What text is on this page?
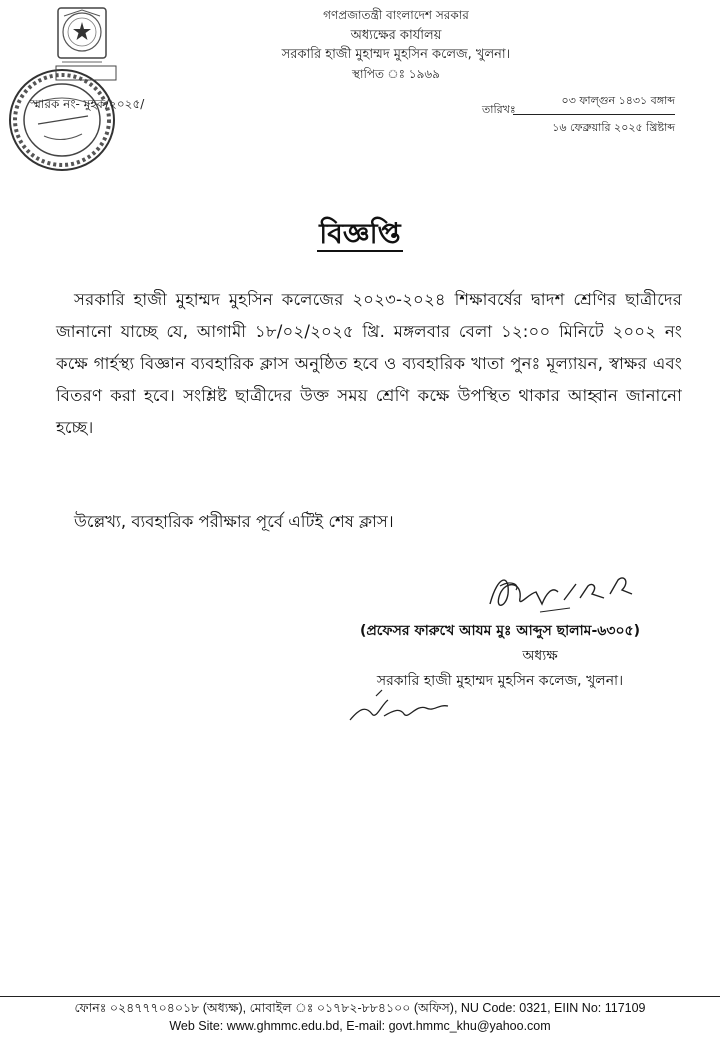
গণপ্রজাতন্ত্রী বাংলাদেশ সরকার
অধ্যক্ষের কার্যালয়
সরকারি হাজী মুহাম্মদ মুহসিন কলেজ, খুলনা।
স্থাপিত ঃ ১৯৬৯
স্মারক নং- মুহক/২০২৫/	তারিখঃ
০৩ ফাল্গুন ১৪৩১ বঙ্গাব্দ
১৬ ফেব্রুয়ারি ২০২৫ খ্রিষ্টাব্দ
বিজ্ঞপ্তি
সরকারি হাজী মুহাম্মদ মুহসিন কলেজের ২০২৩-২০২৪ শিক্ষাবর্ষের দ্বাদশ শ্রেণির ছাত্রীদের জানানো যাচ্ছে যে, আগামী ১৮/০২/২০২৫ খ্রি. মঙ্গলবার বেলা ১২:০০ মিনিটে ২০০২ নং কক্ষে গার্হস্থ্য বিজ্ঞান ব্যবহারিক ক্লাস অনুষ্ঠিত হবে ও ব্যবহারিক খাতা পুনঃ মূল্যায়ন, স্বাক্ষর এবং বিতরণ করা হবে। সংশ্লিষ্ট ছাত্রীদের উক্ত সময় শ্রেণি কক্ষে উপস্থিত থাকার আহ্বান জানানো হচ্ছে।
উল্লেখ্য, ব্যবহারিক পরীক্ষার পূর্বে এটিই শেষ ক্লাস।
(প্রফেসর ফারুখে আযম মুঃ আব্দুস ছালাম-৬৩০৫)
অধ্যক্ষ
সরকারি হাজী মুহাম্মদ মুহসিন কলেজ, খুলনা।
ফোনঃ ০২৪৭৭৭০৪০১৮ (অধ্যক্ষ), মোবাইল ঃ ০১৭৮২-৮৮৪১০০ (অফিস), NU Code: 0321, EIIN No: 117109
Web Site: www.ghmmc.edu.bd, E-mail: govt.hmmc_khu@yahoo.com
